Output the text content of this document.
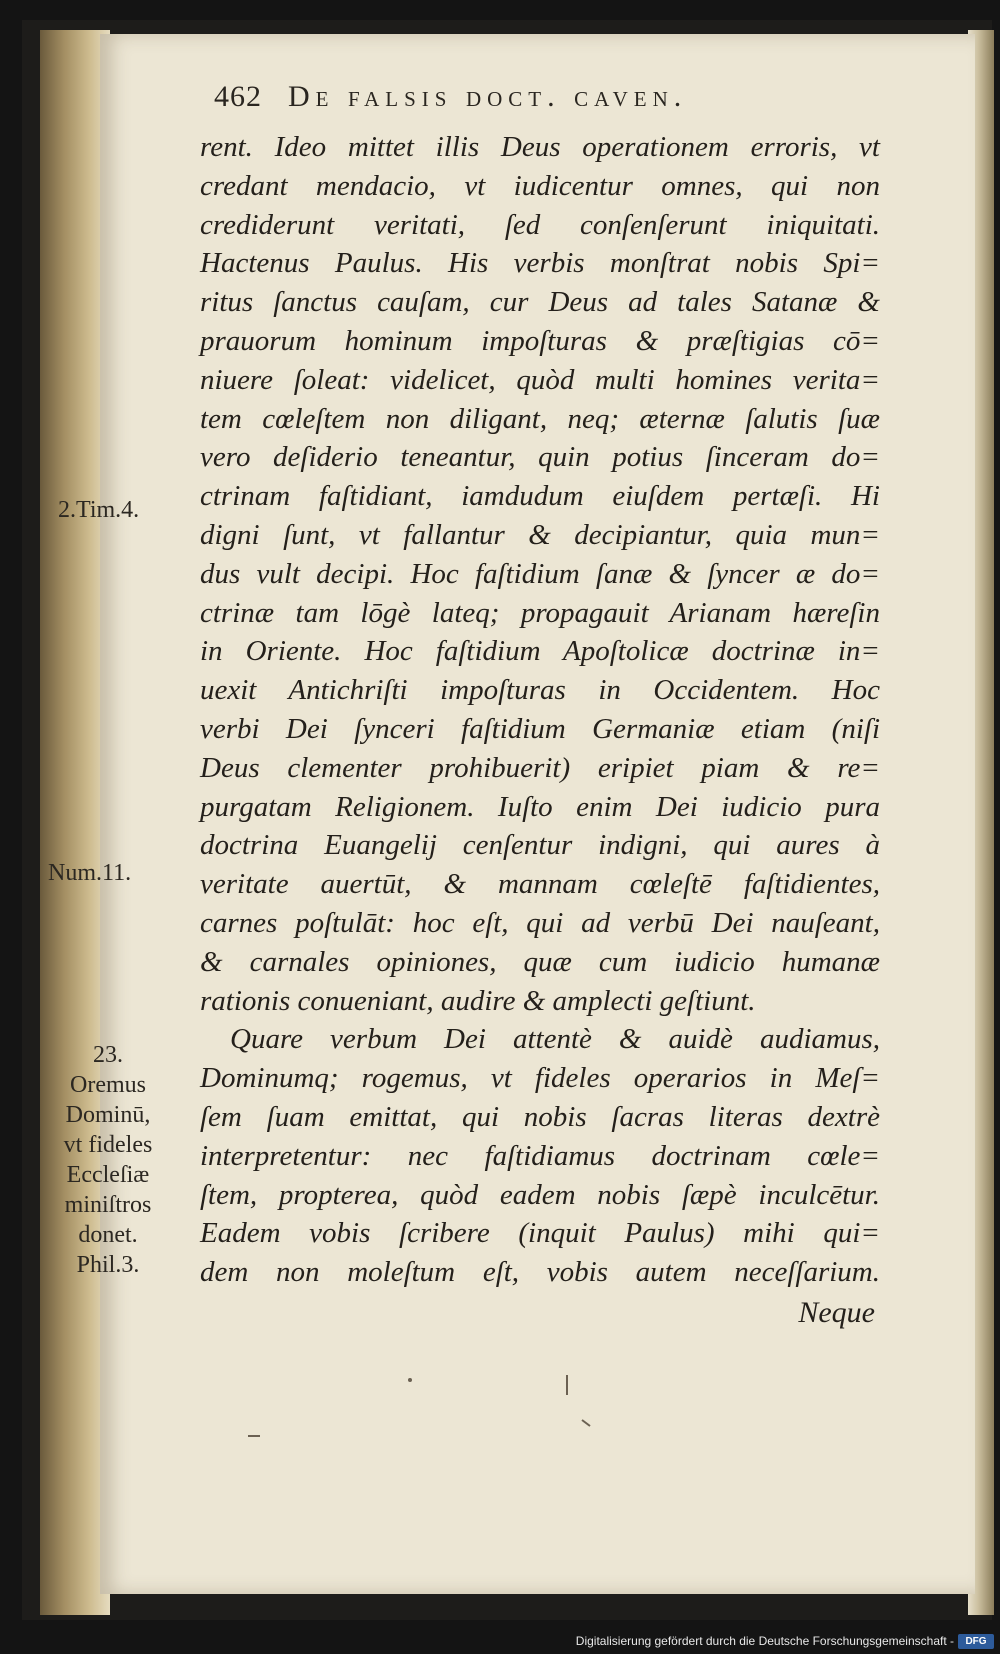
462 De falsis doct. caven.
rent. Ideo mittet illis Deus operationem erroris, vt
credant mendacio, vt iudicentur omnes, qui non
crediderunt veritati, ſed conſenſerunt iniquitati.
Hactenus Paulus. His verbis monſtrat nobis Spi=
ritus ſanctus cauſam, cur Deus ad tales Satanæ &
prauorum hominum impoſturas & præſtigias cō=
niuere ſoleat: videlicet, quòd multi homines verita=
tem cœleſtem non diligant, neq; æternæ ſalutis ſuæ
vero deſiderio teneantur, quin potius ſinceram do=
ctrinam faſtidiant, iamdudum eiuſdem pertæſi. Hi
digni ſunt, vt fallantur & decipiantur, quia mun=
dus vult decipi. Hoc faſtidium ſanæ & ſyncer æ do=
ctrinæ tam lōgè lateq; propagauit Arianam hæreſin
in Oriente. Hoc faſtidium Apoſtolicæ doctrinæ in=
uexit Antichriſti impoſturas in Occidentem. Hoc
verbi Dei ſynceri faſtidium Germaniæ etiam (niſi
Deus clementer prohibuerit) eripiet piam & re=
purgatam Religionem. Iuſto enim Dei iudicio pura
doctrina Euangelij cenſentur indigni, qui aures à
veritate auertūt, & mannam cœleſtē faſtidientes,
carnes poſtulāt: hoc eſt, qui ad verbū Dei nauſeant,
& carnales opiniones, quæ cum iudicio humanæ
rationis conueniant, audire & amplecti geſtiunt.
Quare verbum Dei attentè & auidè audiamus,
Dominumq; rogemus, vt fideles operarios in Meſ=
ſem ſuam emittat, qui nobis ſacras literas dextrè
interpretentur: nec faſtidiamus doctrinam cœle=
ſtem, propterea, quòd eadem nobis ſæpè inculcētur.
Eadem vobis ſcribere (inquit Paulus) mihi qui=
dem non moleſtum eſt, vobis autem neceſſarium.
Neque
2.Tim.4.
Num.11.
23.
Oremus
Dominū,
vt fideles
Eccleſiæ
miniſtros
donet.
Phil.3.
Digitalisierung gefördert durch die Deutsche Forschungsgemeinschaft -	DFG
